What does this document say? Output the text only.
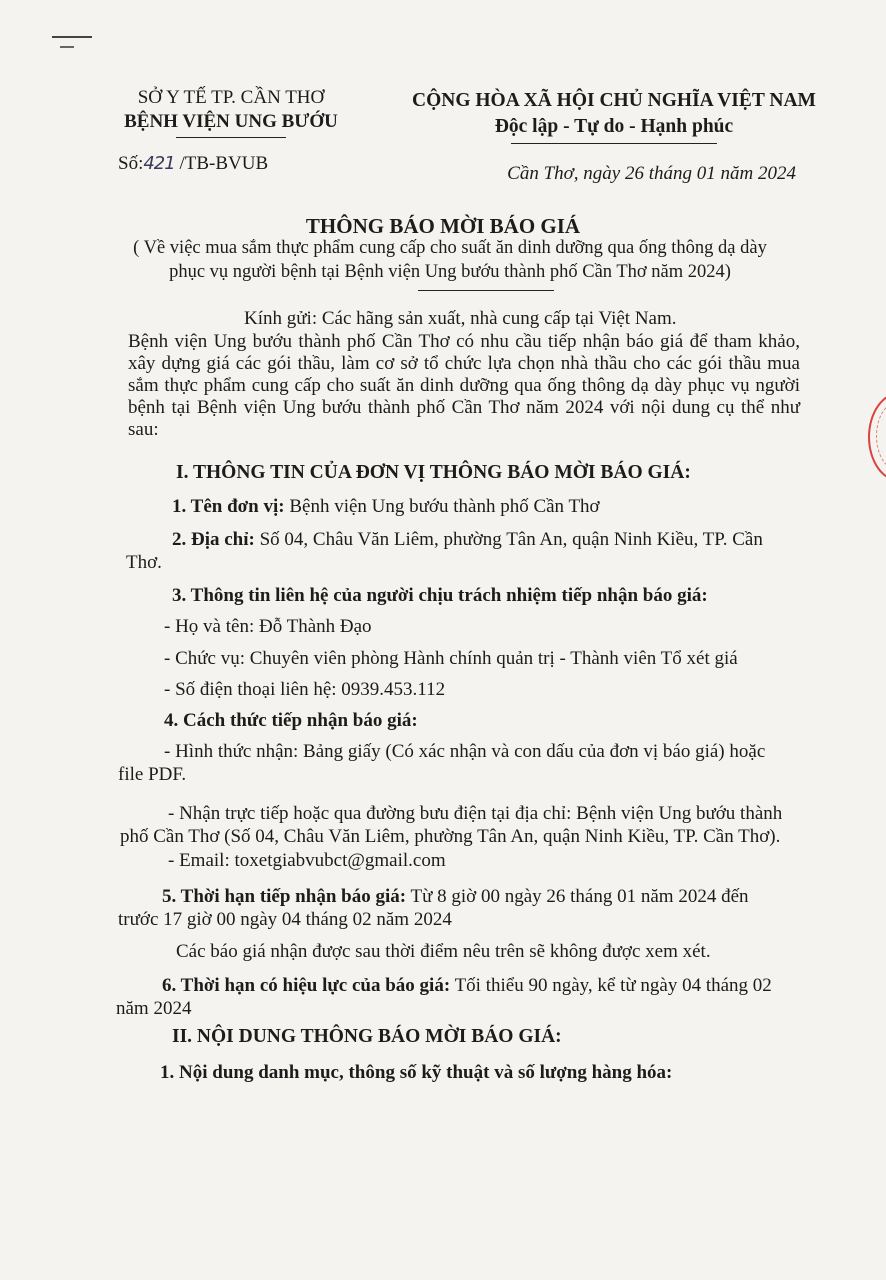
SỞ Y TẾ TP. CẦN THƠ
BỆNH VIỆN UNG BƯỚU
CỘNG HÒA XÃ HỘI CHỦ NGHĨA VIỆT NAM
Độc lập - Tự do - Hạnh phúc
Số:421 /TB-BVUB	Cần Thơ, ngày 26 tháng 01 năm 2024
THÔNG BÁO MỜI BÁO GIÁ
( Về việc mua sắm thực phẩm cung cấp cho suất ăn dinh dưỡng qua ống thông dạ dày
phục vụ người bệnh tại Bệnh viện Ung bướu thành phố Cần Thơ năm 2024)
Kính gửi: Các hãng sản xuất, nhà cung cấp tại Việt Nam.
Bệnh viện Ung bướu thành phố Cần Thơ có nhu cầu tiếp nhận báo giá để tham khảo, xây dựng giá các gói thầu, làm cơ sở tổ chức lựa chọn nhà thầu cho các gói thầu mua sắm thực phẩm cung cấp cho suất ăn dinh dưỡng qua ống thông dạ dày phục vụ người bệnh tại Bệnh viện Ung bướu thành phố Cần Thơ năm 2024 với nội dung cụ thể như sau:
I. THÔNG TIN CỦA ĐƠN VỊ THÔNG BÁO MỜI BÁO GIÁ:
1. Tên đơn vị: Bệnh viện Ung bướu thành phố Cần Thơ
2. Địa chỉ: Số 04, Châu Văn Liêm, phường Tân An, quận Ninh Kiều, TP. Cần
Thơ.
3. Thông tin liên hệ của người chịu trách nhiệm tiếp nhận báo giá:
- Họ và tên: Đỗ Thành Đạo
- Chức vụ: Chuyên viên phòng Hành chính quản trị - Thành viên Tổ xét giá
- Số điện thoại liên hệ: 0939.453.112
4. Cách thức tiếp nhận báo giá:
- Hình thức nhận: Bảng giấy (Có xác nhận và con dấu của đơn vị báo giá) hoặc
file PDF.
- Nhận trực tiếp hoặc qua đường bưu điện tại địa chỉ: Bệnh viện Ung bướu thành
phố Cần Thơ (Số 04, Châu Văn Liêm, phường Tân An, quận Ninh Kiều, TP. Cần Thơ).
- Email: toxetgiabvubct@gmail.com
5. Thời hạn tiếp nhận báo giá: Từ 8 giờ 00 ngày 26 tháng 01 năm 2024 đến
trước 17 giờ 00 ngày 04 tháng 02 năm 2024
Các báo giá nhận được sau thời điểm nêu trên sẽ không được xem xét.
6. Thời hạn có hiệu lực của báo giá: Tối thiểu 90 ngày, kể từ ngày 04 tháng 02
năm 2024
II. NỘI DUNG THÔNG BÁO MỜI BÁO GIÁ:
1. Nội dung danh mục, thông số kỹ thuật và số lượng hàng hóa:
